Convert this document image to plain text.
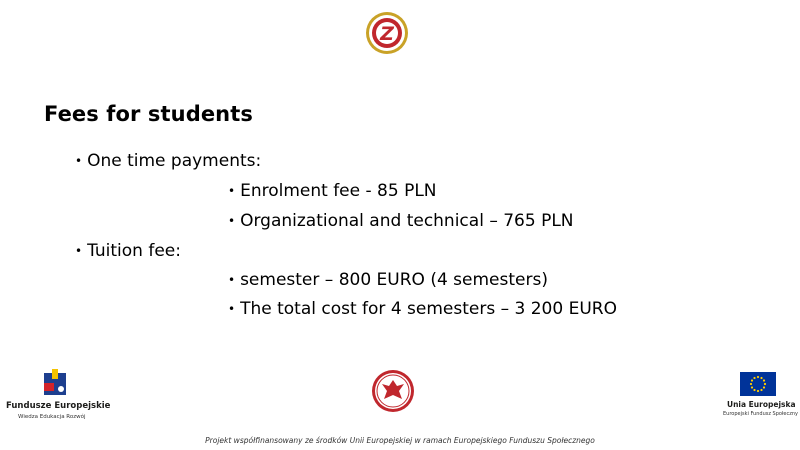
Z
Fees for students
• One time payments:
• Enrolment fee - 85 PLN
• Organizational and technical – 765 PLN
• Tuition fee:
• semester – 800 EURO (4 semesters)
• The total cost for 4 semesters – 3 200 EURO
Fundusze Europejskie
Wiedza Edukacja Rozwój
Unia Europejska
Europejski Fundusz Społeczny
Projekt współfinansowany ze środków Unii Europejskiej w ramach Europejskiego Funduszu Społecznego
